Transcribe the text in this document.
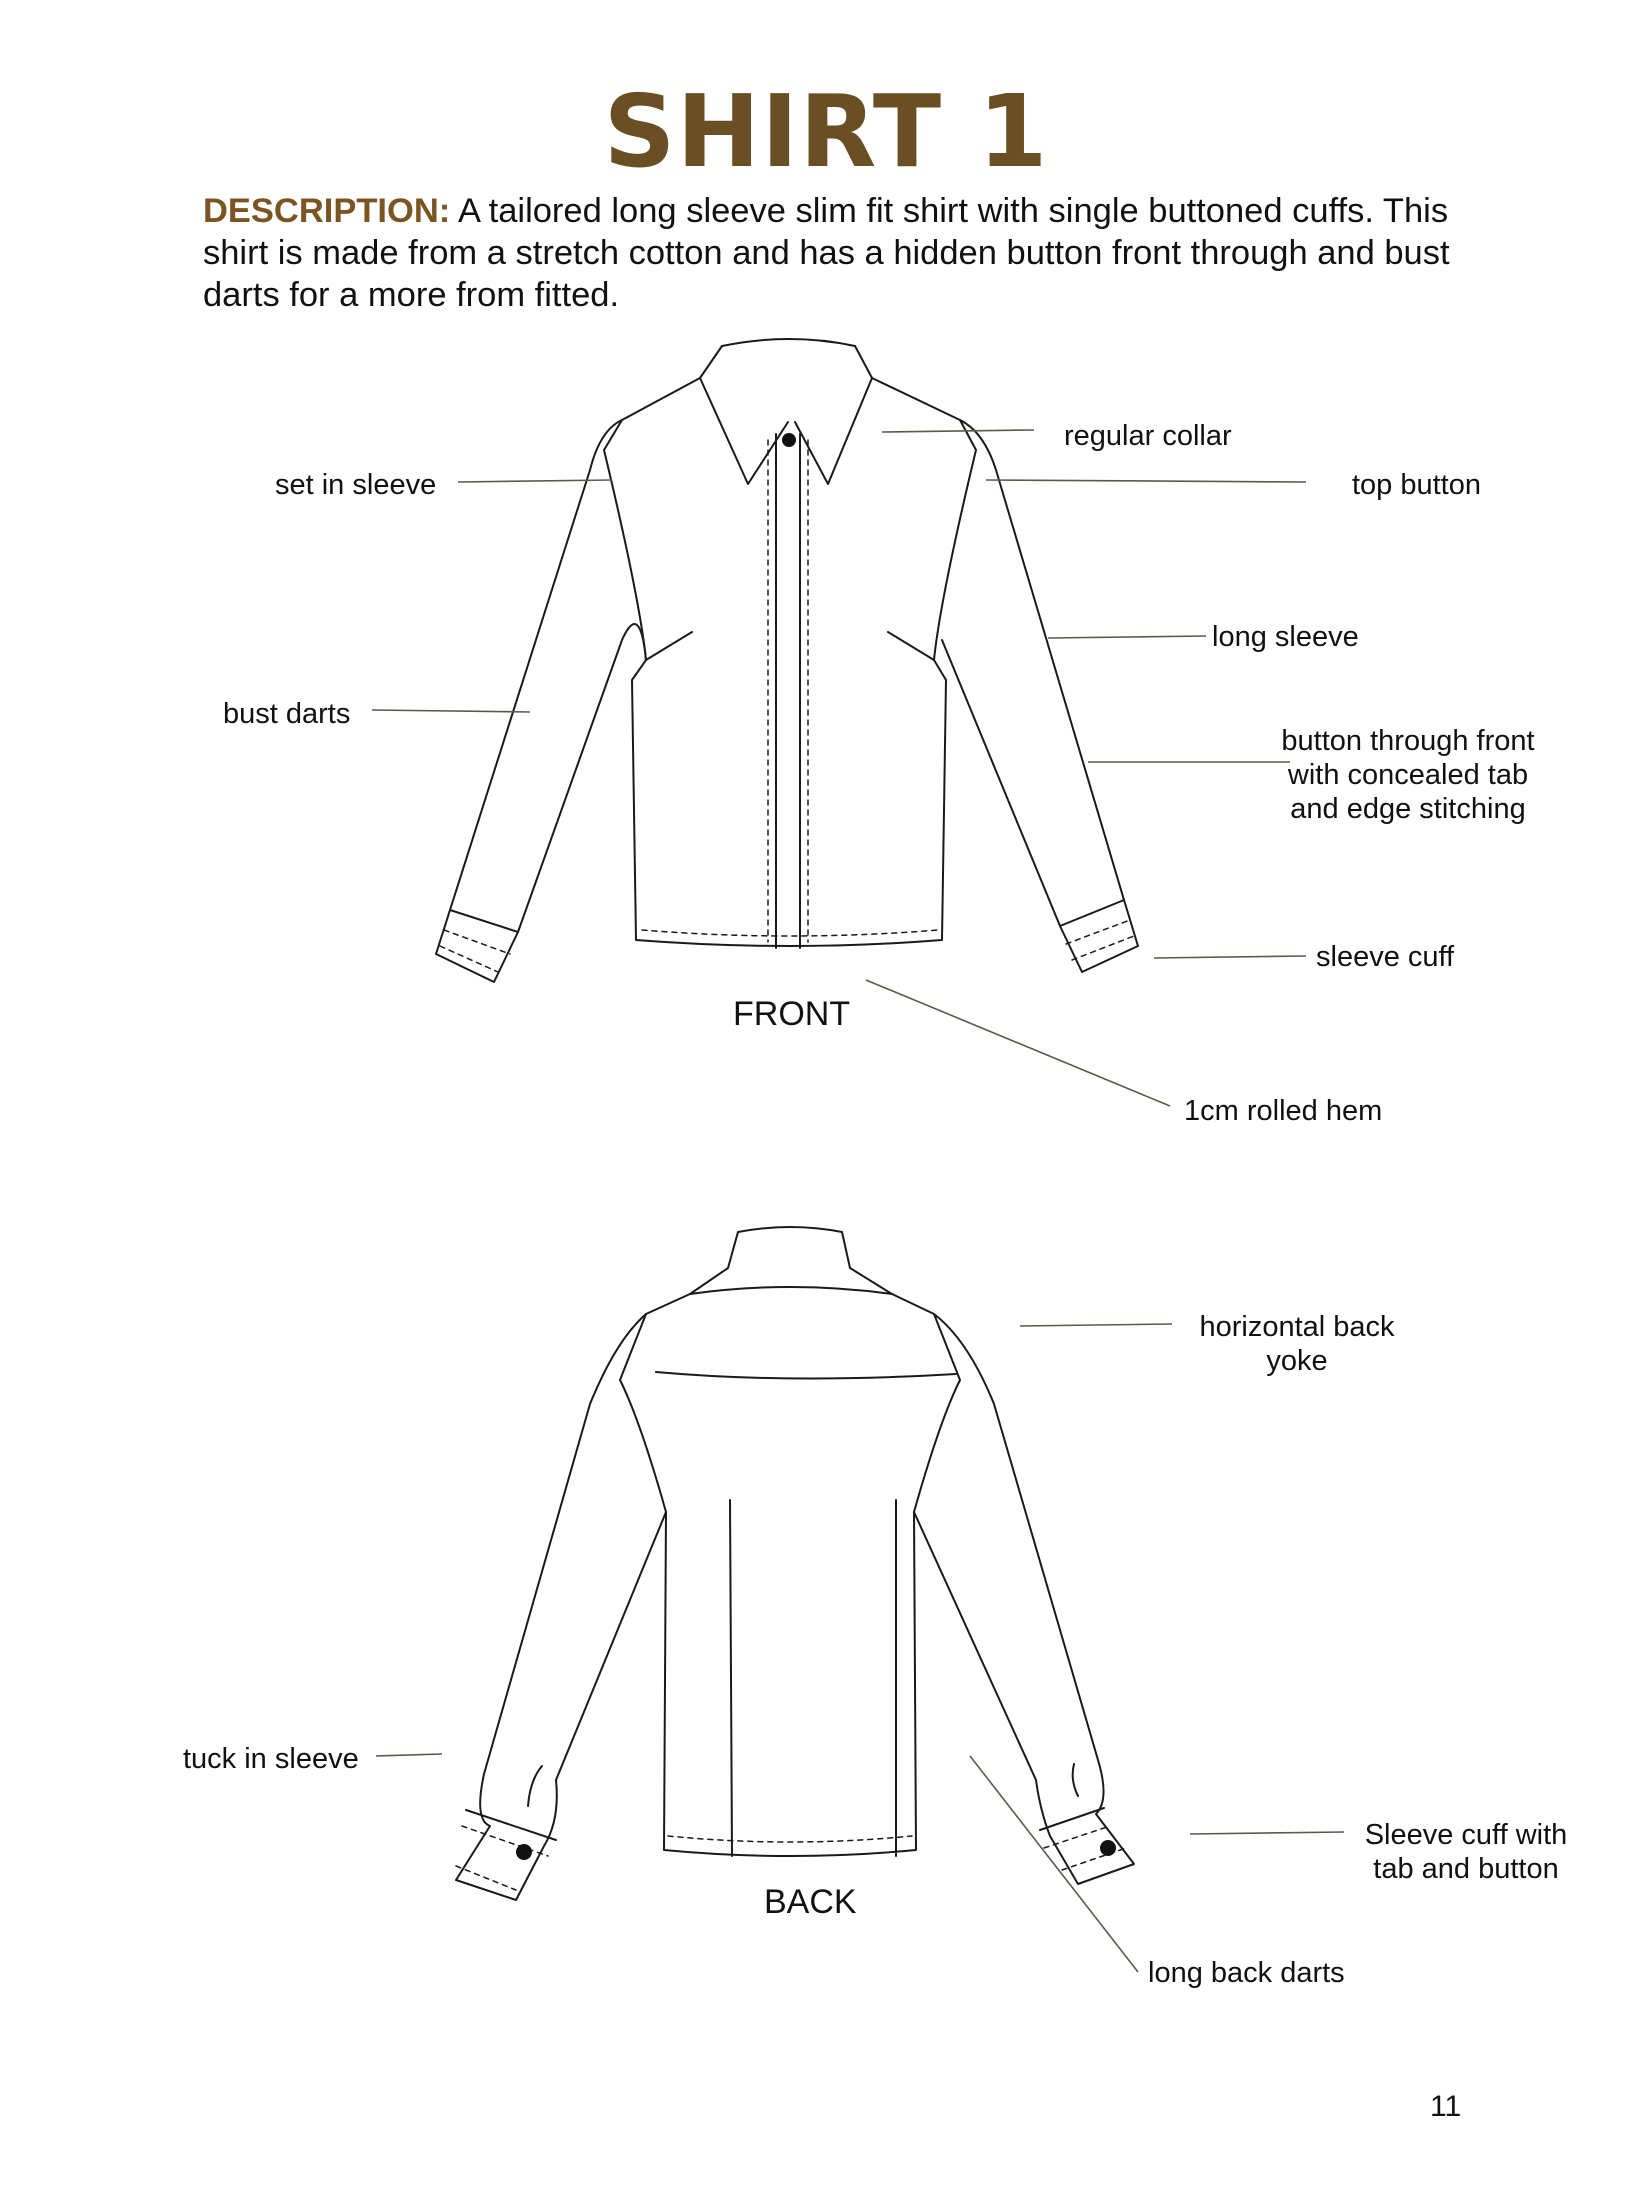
SHIRT 1
DESCRIPTION: A tailored long sleeve slim fit shirt with single buttoned cuffs. This shirt is made from a stretch cotton and has a hidden button front through and bust darts for a more from fitted.
set in sleeve
regular collar
top button
long sleeve
bust darts
button through front with concealed tab and edge stitching
sleeve cuff
1cm rolled hem
FRONT
horizontal back yoke
tuck in sleeve
Sleeve cuff with tab and button
long back darts
BACK
11
